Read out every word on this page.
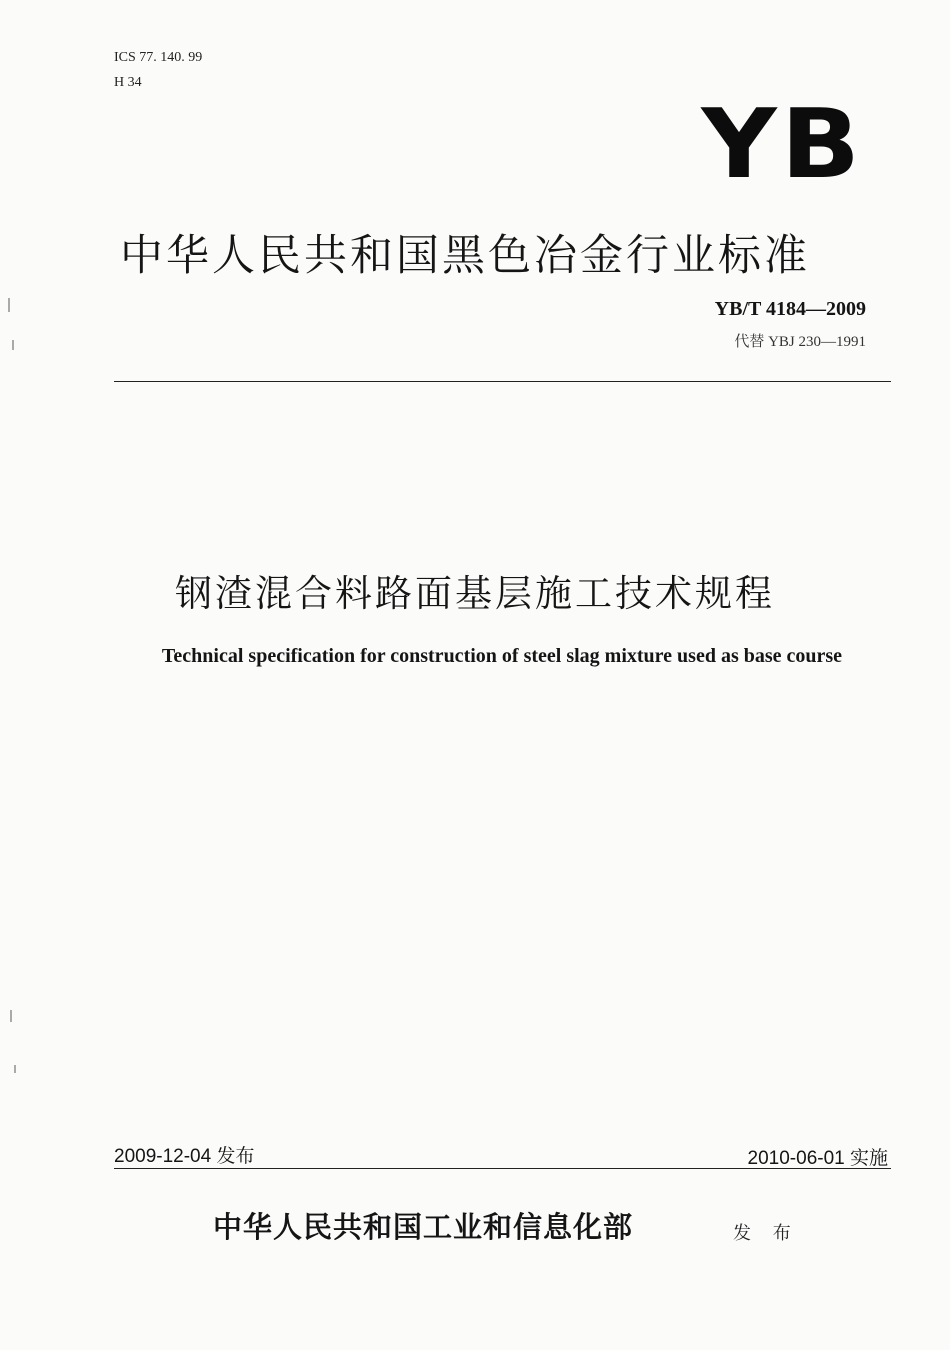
ICS 77. 140. 99
H 34
YB
中华人民共和国黑色冶金行业标准
YB/T 4184—2009
代替 YBJ 230—1991
钢渣混合料路面基层施工技术规程
Technical specification for construction of steel slag mixture used as base course
2009-12-04 发布	2010-06-01 实施
中华人民共和国工业和信息化部	发 布
